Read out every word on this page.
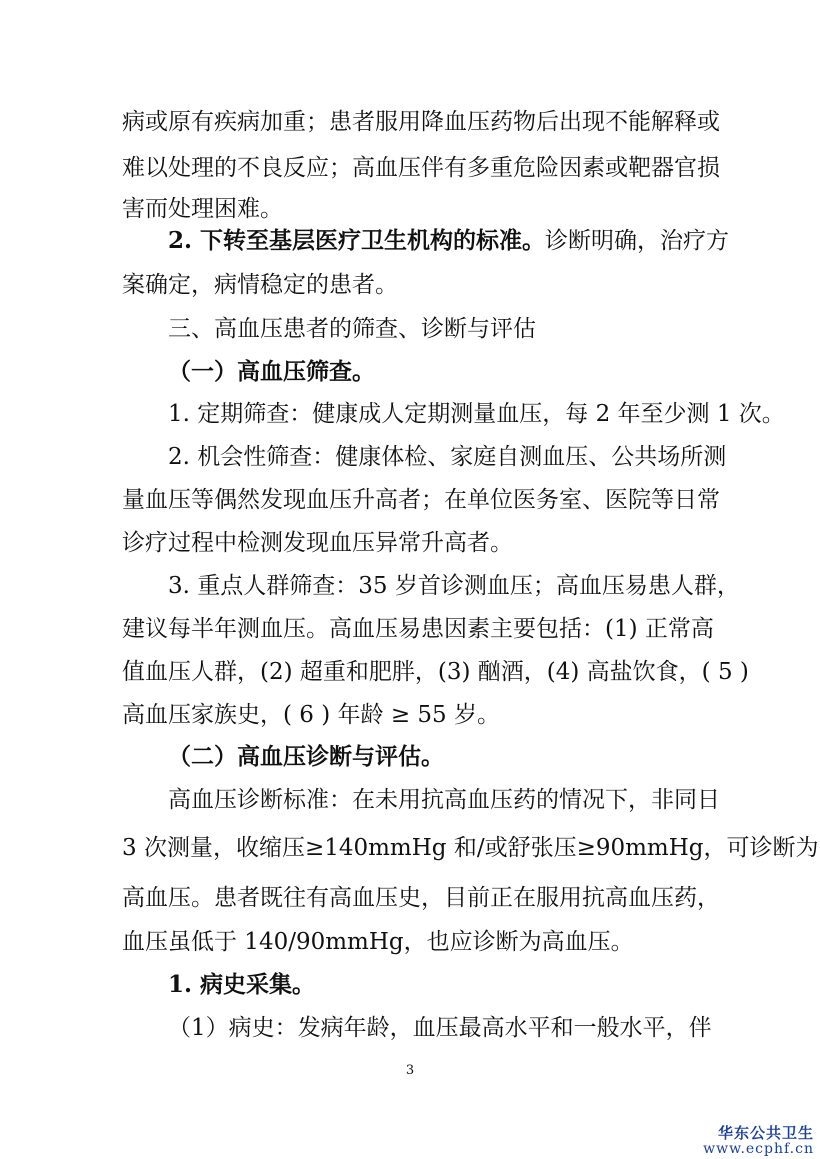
病或原有疾病加重；患者服用降血压药物后出现不能解释或
难以处理的不良反应；高血压伴有多重危险因素或靶器官损
害而处理困难。
2. 下转至基层医疗卫生机构的标准。诊断明确，治疗方
案确定，病情稳定的患者。
三、高血压患者的筛查、诊断与评估
（一）高血压筛查。
1. 定期筛查：健康成人定期测量血压，每 2 年至少测 1 次。
2. 机会性筛查：健康体检、家庭自测血压、公共场所测
量血压等偶然发现血压升高者；在单位医务室、医院等日常
诊疗过程中检测发现血压异常升高者。
3. 重点人群筛查：35 岁首诊测血压；高血压易患人群，
建议每半年测血压。高血压易患因素主要包括：(1) 正常高
值血压人群，(2) 超重和肥胖，(3) 酗酒，(4) 高盐饮食，( 5 )
高血压家族史，( 6 ) 年龄 ≥ 55 岁。
（二）高血压诊断与评估。
高血压诊断标准：在未用抗高血压药的情况下，非同日
3 次测量，收缩压≥140mmHg 和/或舒张压≥90mmHg，可诊断为
高血压。患者既往有高血压史，目前正在服用抗高血压药，
血压虽低于 140/90mmHg，也应诊断为高血压。
1. 病史采集。
（1）病史：发病年龄，血压最高水平和一般水平，伴
3
华东公共卫生
www.ecphf.cn
